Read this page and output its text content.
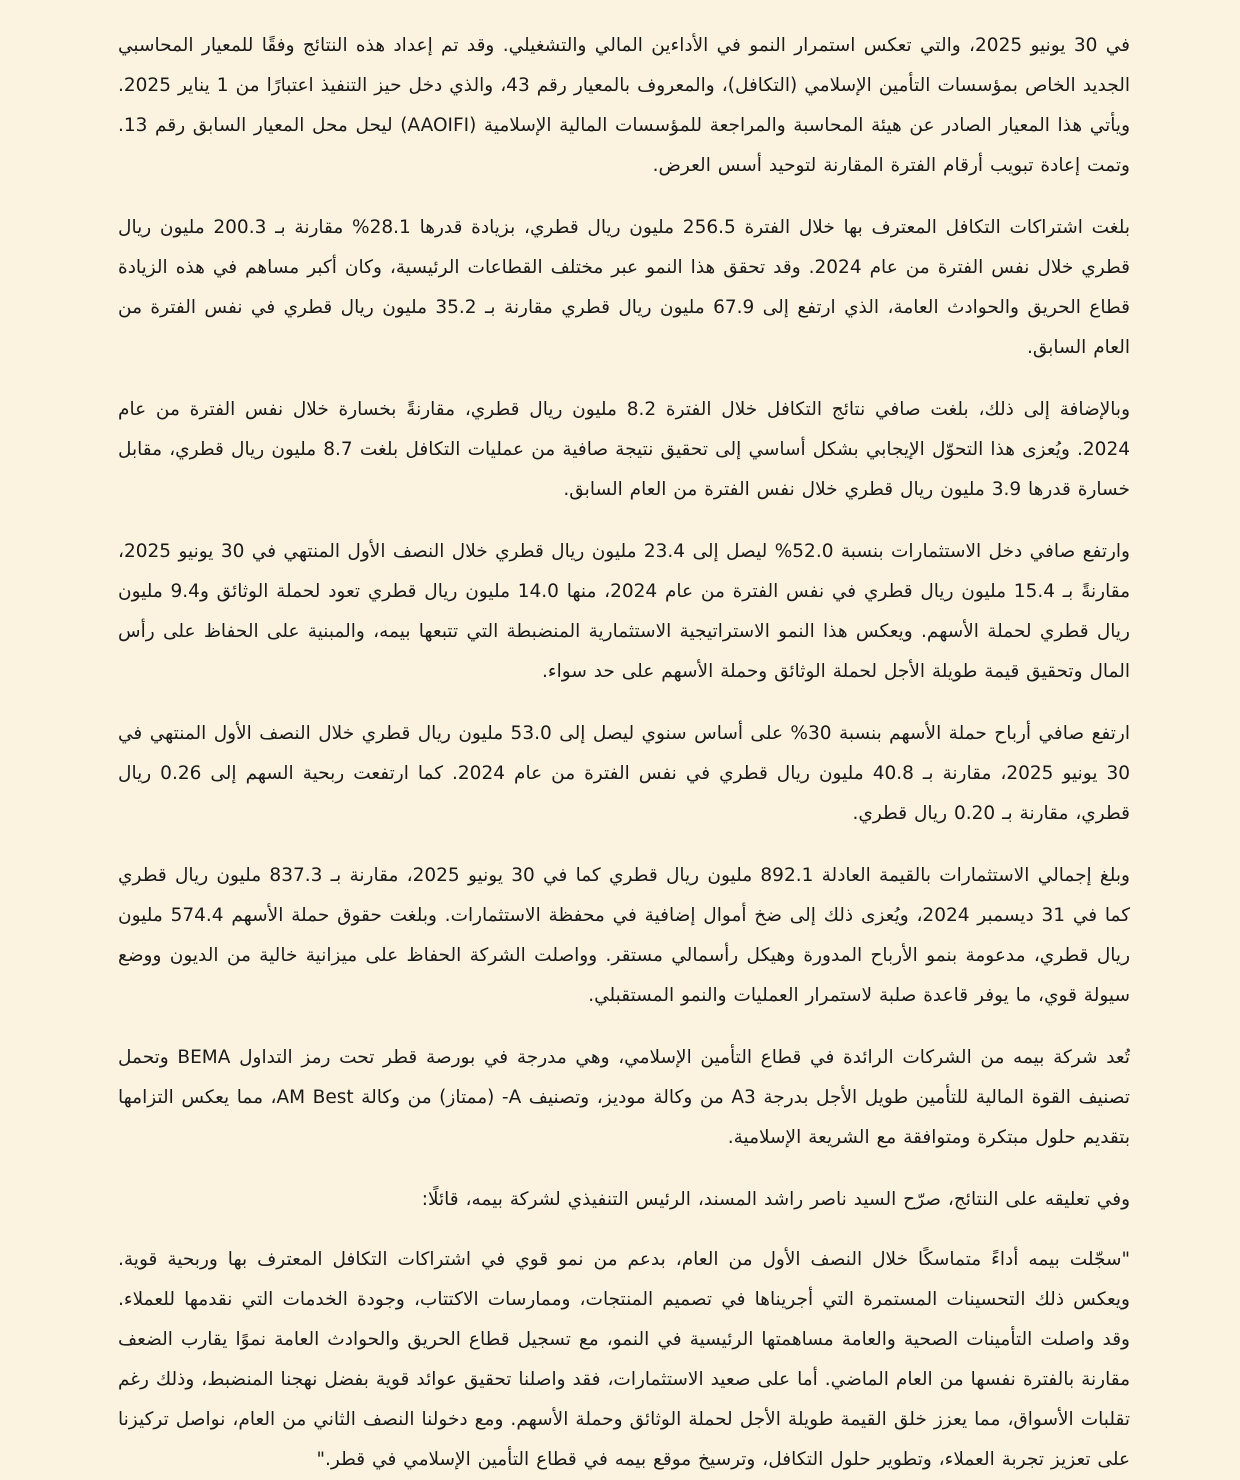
في 30 يونيو 2025، والتي تعكس استمرار النمو في الأداءين المالي والتشغيلي. وقد تم إعداد هذه النتائج وفقًا للمعيار المحاسبي الجديد الخاص بمؤسسات التأمين الإسلامي (التكافل)، والمعروف بالمعيار رقم 43، والذي دخل حيز التنفيذ اعتبارًا من 1 يناير 2025. ويأتي هذا المعيار الصادر عن هيئة المحاسبة والمراجعة للمؤسسات المالية الإسلامية (AAOIFI) ليحل محل المعيار السابق رقم 13. وتمت إعادة تبويب أرقام الفترة المقارنة لتوحيد أسس العرض.

بلغت اشتراكات التكافل المعترف بها خلال الفترة 256.5 مليون ريال قطري، بزيادة قدرها 28.1% مقارنة بـ 200.3 مليون ريال قطري خلال نفس الفترة من عام 2024. وقد تحقق هذا النمو عبر مختلف القطاعات الرئيسية، وكان أكبر مساهم في هذه الزيادة قطاع الحريق والحوادث العامة، الذي ارتفع إلى 67.9 مليون ريال قطري مقارنة بـ 35.2 مليون ريال قطري في نفس الفترة من العام السابق.

وبالإضافة إلى ذلك، بلغت صافي نتائج التكافل خلال الفترة 8.2 مليون ريال قطري، مقارنةً بخسارة خلال نفس الفترة من عام 2024. ويُعزى هذا التحوّل الإيجابي بشكل أساسي إلى تحقيق نتيجة صافية من عمليات التكافل بلغت 8.7 مليون ريال قطري، مقابل خسارة قدرها 3.9 مليون ريال قطري خلال نفس الفترة من العام السابق.

وارتفع صافي دخل الاستثمارات بنسبة 52.0% ليصل إلى 23.4 مليون ريال قطري خلال النصف الأول المنتهي في 30 يونيو 2025، مقارنةً بـ 15.4 مليون ريال قطري في نفس الفترة من عام 2024، منها 14.0 مليون ريال قطري تعود لحملة الوثائق و9.4 مليون ريال قطري لحملة الأسهم. ويعكس هذا النمو الاستراتيجية الاستثمارية المنضبطة التي تتبعها بيمه، والمبنية على الحفاظ على رأس المال وتحقيق قيمة طويلة الأجل لحملة الوثائق وحملة الأسهم على حد سواء.

ارتفع صافي أرباح حملة الأسهم بنسبة 30% على أساس سنوي ليصل إلى 53.0 مليون ريال قطري خلال النصف الأول المنتهي في 30 يونيو 2025، مقارنة بـ 40.8 مليون ريال قطري في نفس الفترة من عام 2024. كما ارتفعت ربحية السهم إلى 0.26 ريال قطري، مقارنة بـ 0.20 ريال قطري.

وبلغ إجمالي الاستثمارات بالقيمة العادلة 892.1 مليون ريال قطري كما في 30 يونيو 2025، مقارنة بـ 837.3 مليون ريال قطري كما في 31 ديسمبر 2024، ويُعزى ذلك إلى ضخ أموال إضافية في محفظة الاستثمارات. وبلغت حقوق حملة الأسهم 574.4 مليون ريال قطري، مدعومة بنمو الأرباح المدورة وهيكل رأسمالي مستقر. وواصلت الشركة الحفاظ على ميزانية خالية من الديون ووضع سيولة قوي، ما يوفر قاعدة صلبة لاستمرار العمليات والنمو المستقبلي.

تُعد شركة بيمه من الشركات الرائدة في قطاع التأمين الإسلامي، وهي مدرجة في بورصة قطر تحت رمز التداول BEMA وتحمل تصنيف القوة المالية للتأمين طويل الأجل بدرجة A3 من وكالة موديز، وتصنيف A- (ممتاز) من وكالة AM Best، مما يعكس التزامها بتقديم حلول مبتكرة ومتوافقة مع الشريعة الإسلامية.

وفي تعليقه على النتائج، صرّح السيد ناصر راشد المسند، الرئيس التنفيذي لشركة بيمه، قائلًا:

"سجّلت بيمه أداءً متماسكًا خلال النصف الأول من العام، بدعم من نمو قوي في اشتراكات التكافل المعترف بها وربحية قوية. ويعكس ذلك التحسينات المستمرة التي أجريناها في تصميم المنتجات، وممارسات الاكتتاب، وجودة الخدمات التي نقدمها للعملاء. وقد واصلت التأمينات الصحية والعامة مساهمتها الرئيسية في النمو، مع تسجيل قطاع الحريق والحوادث العامة نموًا يقارب الضعف مقارنة بالفترة نفسها من العام الماضي. أما على صعيد الاستثمارات، فقد واصلنا تحقيق عوائد قوية بفضل نهجنا المنضبط، وذلك رغم تقلبات الأسواق، مما يعزز خلق القيمة طويلة الأجل لحملة الوثائق وحملة الأسهم. ومع دخولنا النصف الثاني من العام، نواصل تركيزنا على تعزيز تجربة العملاء، وتطوير حلول التكافل، وترسيخ موقع بيمه في قطاع التأمين الإسلامي في قطر."
